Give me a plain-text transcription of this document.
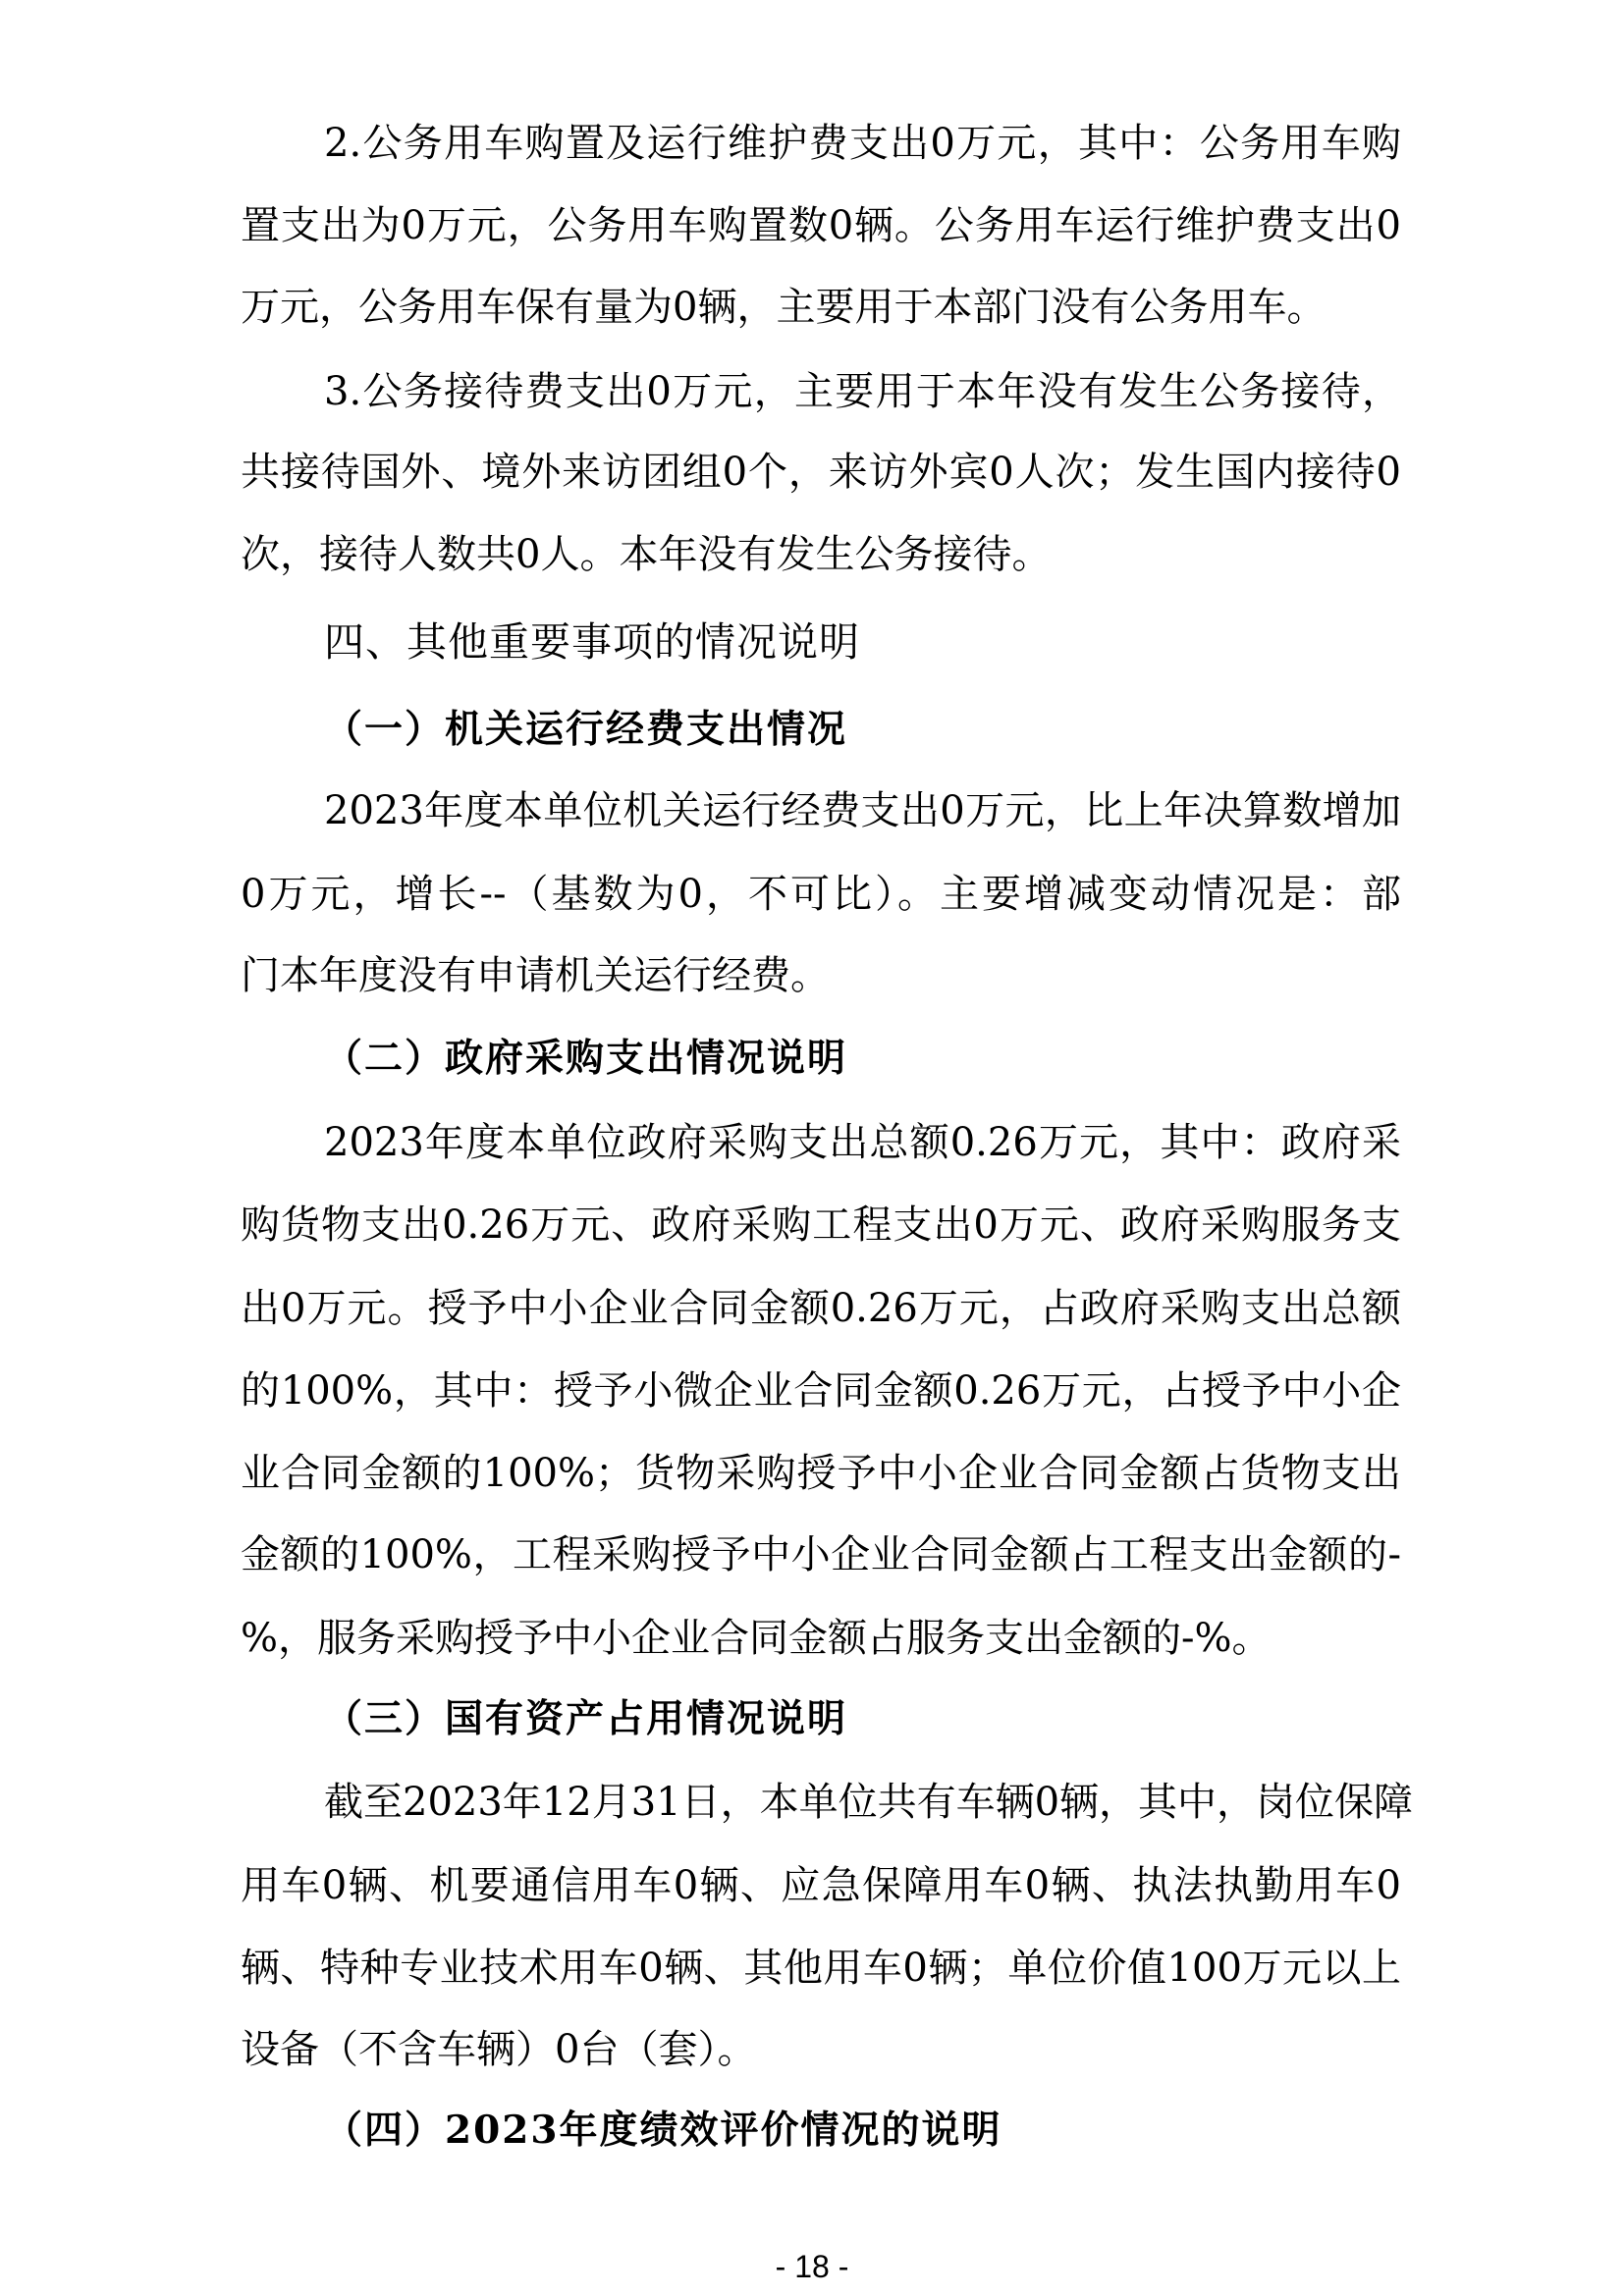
2.公务用车购置及运行维护费支出0万元，其中：公务用车购
置支出为0万元，公务用车购置数0辆。公务用车运行维护费支出0
万元，公务用车保有量为0辆，主要用于本部门没有公务用车。
3.公务接待费支出0万元，主要用于本年没有发生公务接待，
共接待国外、境外来访团组0个，来访外宾0人次；发生国内接待0
次，接待人数共0人。本年没有发生公务接待。
四、其他重要事项的情况说明
（一）机关运行经费支出情况
2023年度本单位机关运行经费支出0万元，比上年决算数增加
0万元，增长--（基数为0，不可比）。主要增减变动情况是：部
门本年度没有申请机关运行经费。
（二）政府采购支出情况说明
2023年度本单位政府采购支出总额0.26万元，其中：政府采
购货物支出0.26万元、政府采购工程支出0万元、政府采购服务支
出0万元。授予中小企业合同金额0.26万元，占政府采购支出总额
的100%，其中：授予小微企业合同金额0.26万元，占授予中小企
业合同金额的100%；货物采购授予中小企业合同金额占货物支出
金额的100%，工程采购授予中小企业合同金额占工程支出金额的-
%，服务采购授予中小企业合同金额占服务支出金额的-%。
（三）国有资产占用情况说明
截至2023年12月31日，本单位共有车辆0辆，其中，岗位保障
用车0辆、机要通信用车0辆、应急保障用车0辆、执法执勤用车0
辆、特种专业技术用车0辆、其他用车0辆；单位价值100万元以上
设备（不含车辆）0台（套）。
（四）2023年度绩效评价情况的说明
- 18 -
